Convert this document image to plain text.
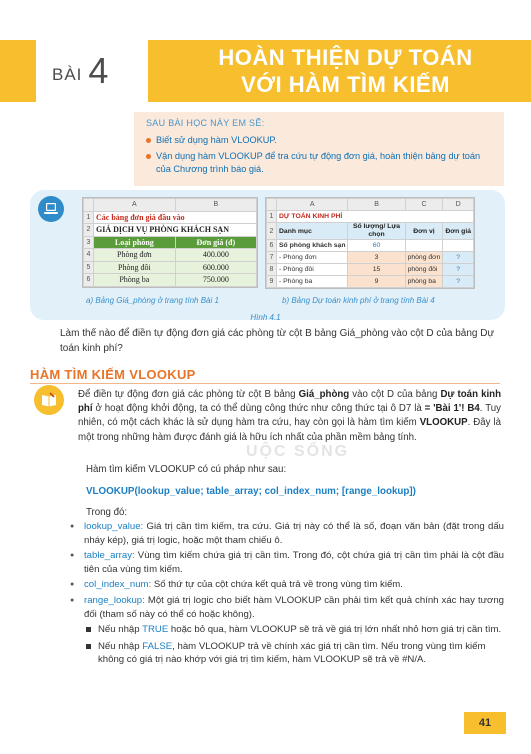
BÀI 4	HOÀN THIỆN DỰ TOÁN
VỚI HÀM TÌM KIẾM
SAU BÀI HỌC NÀY EM SẼ:
Biết sử dụng hàm VLOOKUP.
Vận dụng hàm VLOOKUP để tra cứu tự động đơn giá, hoàn thiện bảng dự toán của Chương trình báo giá.
	A	B
1	Các bảng đơn giá đầu vào	
2	GIÁ DỊCH VỤ PHÒNG KHÁCH SẠN	
3	Loại phòng	Đơn giá (đ)
4	Phòng đơn	400.000
5	Phòng đôi	600.000
6	Phòng ba	750.000
	A	B	C	D
1	DỰ TOÁN KINH PHÍ			
2	Danh mục	Số lượng/ Lựa chọn	Đơn vị	Đơn giá
6	Số phòng khách sạn	60		
7	- Phòng đơn	3	phòng đơn	?
8	- Phòng đôi	15	phòng đôi	?
9	- Phòng ba	9	phòng ba	?
a) Bảng Giá_phòng ở trang tính Bài 1	b) Bảng Dự toán kinh phí ở trang tính Bài 4
Hình 4.1
Làm thế nào để điền tự động đơn giá các phòng từ cột B bảng Giá_phòng vào cột D của bảng Dự toán kinh phí?
HÀM TÌM KIẾM VLOOKUP
UỘC SỐNG
Để điền tự động đơn giá các phòng từ cột B bảng Giá_phòng vào cột D của bảng Dự toán kinh phí ở hoạt động khởi động, ta có thể dùng công thức như công thức tại ô D7 là = 'Bài 1'! B4. Tuy nhiên, có một cách khác là sử dụng hàm tra cứu, hay còn gọi là hàm tìm kiếm VLOOKUP. Đây là một trong những hàm được đánh giá là hữu ích nhất của phần mềm bảng tính.
Hàm tìm kiếm VLOOKUP có cú pháp như sau:
VLOOKUP(lookup_value; table_array; col_index_num; [range_lookup])
Trong đó:
● lookup_value: Giá trị cần tìm kiếm, tra cứu. Giá trị này có thể là số, đoạn văn bản (đặt trong dấu nháy kép), giá trị logic, hoặc một tham chiếu ô.
● table_array: Vùng tìm kiếm chứa giá trị cần tìm. Trong đó, cột chứa giá trị cần tìm phải là cột đầu tiên của vùng tìm kiếm.
● col_index_num: Số thứ tự của cột chứa kết quả trả về trong vùng tìm kiếm.
● range_lookup: Một giá trị logic cho biết hàm VLOOKUP cần phải tìm kết quả chính xác hay tương đối (tham số này có thể có hoặc không).
Nếu nhập TRUE hoặc bỏ qua, hàm VLOOKUP sẽ trả về giá trị lớn nhất nhỏ hơn giá trị cần tìm.
Nếu nhập FALSE, hàm VLOOKUP trả về chính xác giá trị cần tìm. Nếu trong vùng tìm kiếm không có giá trị nào khớp với giá trị tìm kiếm, hàm VLOOKUP sẽ trả về #N/A.
41
